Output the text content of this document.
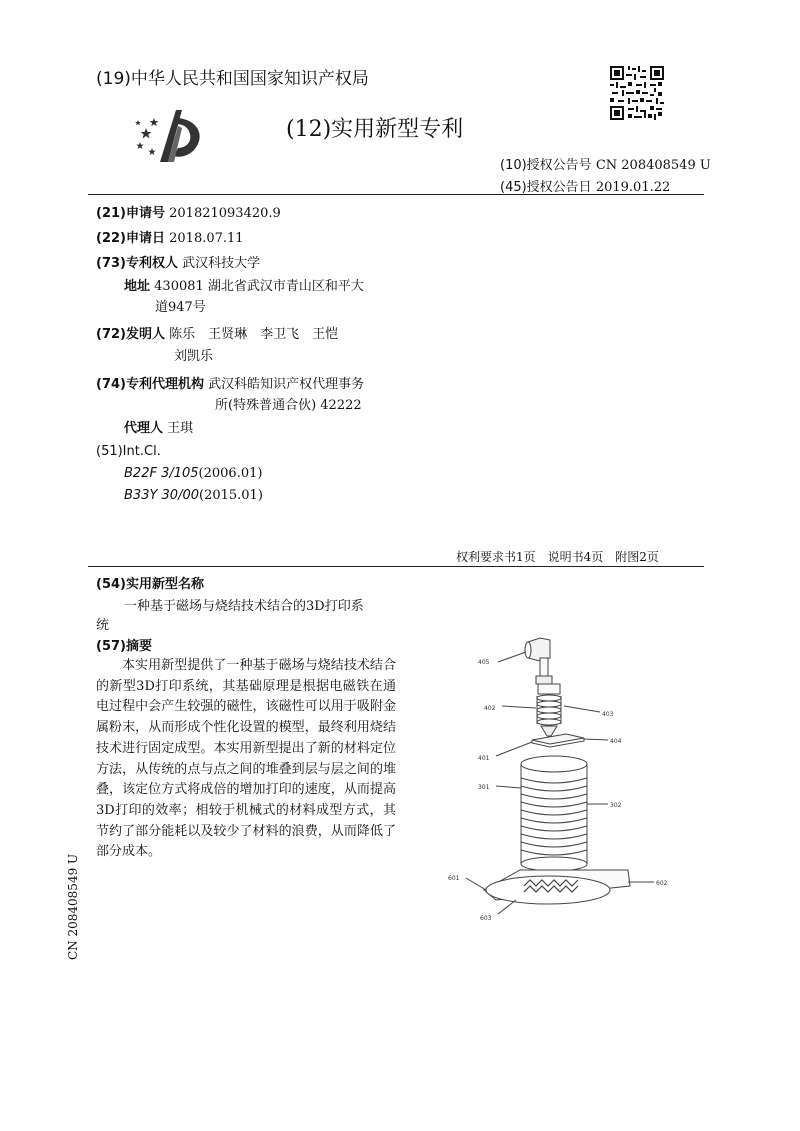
(19)中华人民共和国国家知识产权局
(12)实用新型专利
(10)授权公告号 CN 208408549 U
(45)授权公告日 2019.01.22
(21)申请号 201821093420.9
(22)申请日 2018.07.11
(73)专利权人 武汉科技大学
地址 430081 湖北省武汉市青山区和平大
道947号
(72)发明人 陈乐　王贤琳　李卫飞　王恺
刘凯乐
(74)专利代理机构 武汉科皓知识产权代理事务
所(特殊普通合伙) 42222
代理人 王琪
(51)Int.Cl.
B22F 3/105(2006.01)
B33Y 30/00(2015.01)
权利要求书1页　说明书4页　附图2页
(54)实用新型名称
一种基于磁场与烧结技术结合的3D打印系
统
(57)摘要
本实用新型提供了一种基于磁场与烧结技术结合的新型3D打印系统，其基础原理是根据电磁铁在通电过程中会产生较强的磁性，该磁性可以用于吸附金属粉末，从而形成个性化设置的模型，最终利用烧结技术进行固定成型。本实用新型提出了新的材料定位方法，从传统的点与点之间的堆叠到层与层之间的堆叠，该定位方式将成倍的增加打印的速度，从而提高3D打印的效率；相较于机械式的材料成型方式，其节约了部分能耗以及较少了材料的浪费，从而降低了部分成本。
405
403
402
404
401
301
302
601
602
603
CN 208408549 U
